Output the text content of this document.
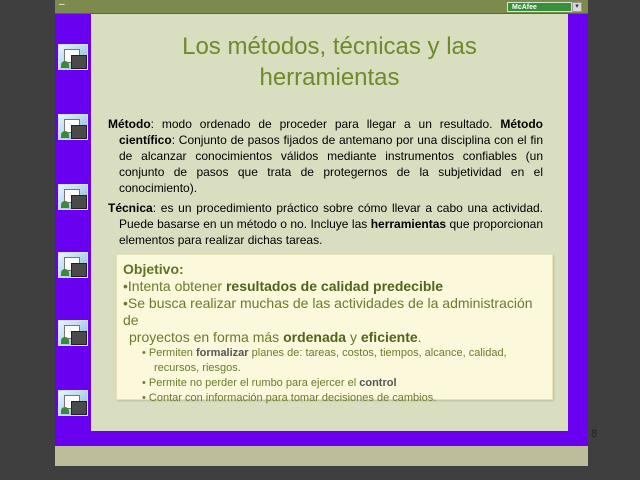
–	McAfee	▾
Los métodos, técnicas y las
herramientas

Método: modo ordenado de proceder para llegar a un resultado. Método científico: Conjunto de pasos fijados de antemano por una disciplina con el fin de alcanzar conocimientos válidos mediante instrumentos confiables (un conjunto de pasos que trata de protegernos de la subjetividad en el conocimiento).

Técnica: es un procedimiento práctico sobre cómo llevar a cabo una actividad. Puede basarse en un método o no. Incluye las herramientas que proporcionan elementos para realizar dichas tareas.

Objetivo:

•Intenta obtener resultados de calidad predecible

•Se busca realizar muchas de las actividades de la administración de

proyectos en forma más ordenada y eficiente.

• Permiten formalizar planes de: tareas, costos, tiempos, alcance, calidad, recursos, riesgos.

• Permite no perder el rumbo para ejercer el control

• Contar con información para tomar decisiones de cambios.

8
